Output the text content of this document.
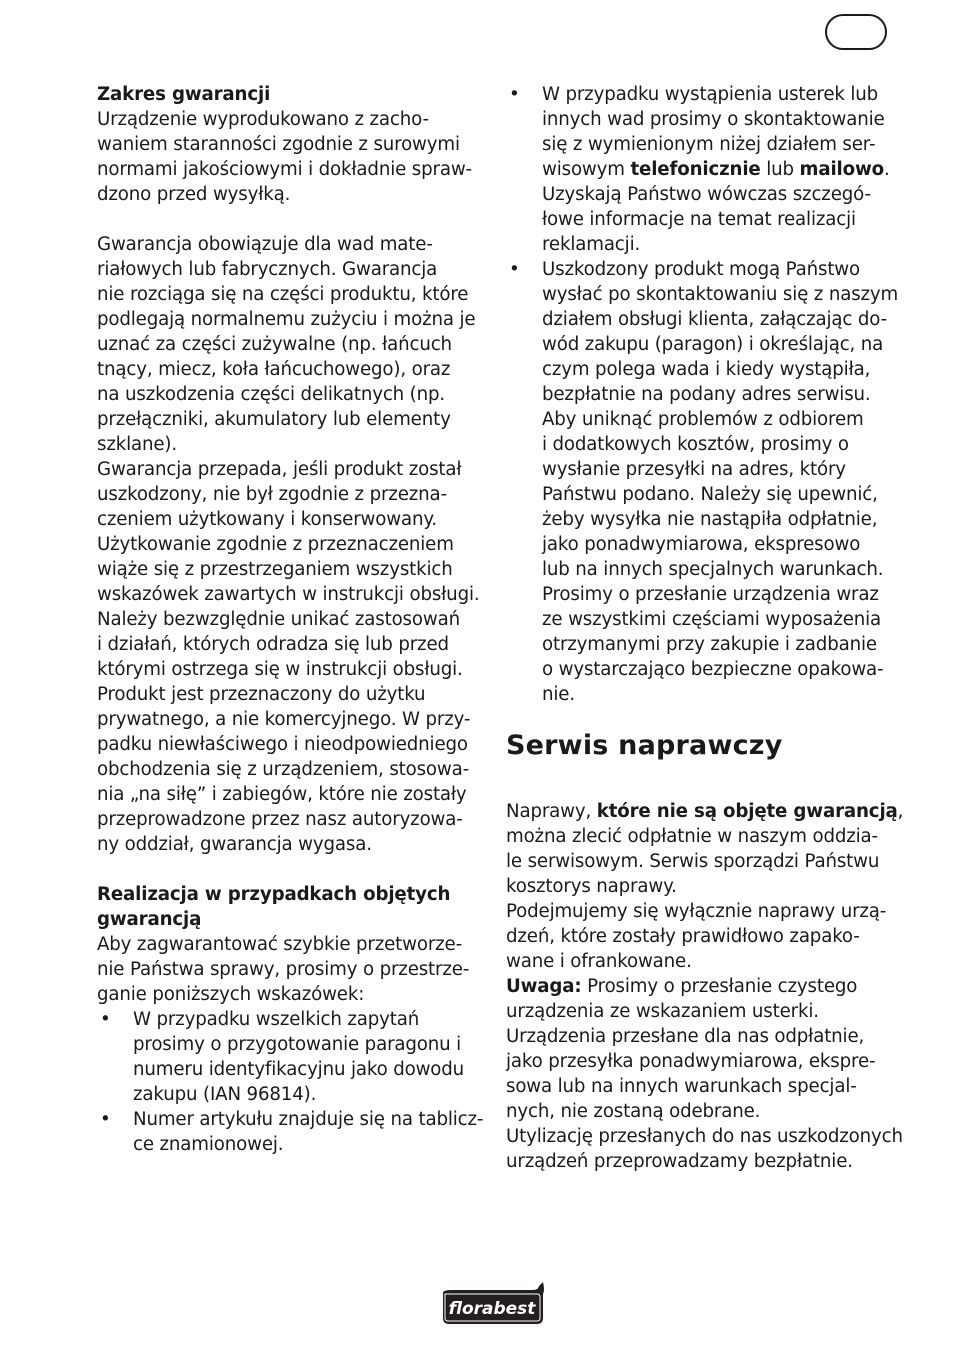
Zakres gwarancji
Urządzenie wyprodukowano z zacho-
waniem staranności zgodnie z surowymi
normami jakościowymi i dokładnie spraw-
dzono przed wysyłką.
Gwarancja obowiązuje dla wad mate-
riałowych lub fabrycznych. Gwarancja
nie rozciąga się na części produktu, które
podlegają normalnemu zużyciu i można je
uznać za części zużywalne (np. łańcuch
tnący, miecz, koła łańcuchowego), oraz
na uszkodzenia części delikatnych (np.
przełączniki, akumulatory lub elementy
szklane).
Gwarancja przepada, jeśli produkt został
uszkodzony, nie był zgodnie z przezna-
czeniem użytkowany i konserwowany.
Użytkowanie zgodnie z przeznaczeniem
wiąże się z przestrzeganiem wszystkich
wskazówek zawartych w instrukcji obsługi.
Należy bezwzględnie unikać zastosowań
i działań, których odradza się lub przed
którymi ostrzega się w instrukcji obsługi.
Produkt jest przeznaczony do użytku
prywatnego, a nie komercyjnego. W przy-
padku niewłaściwego i nieodpowiedniego
obchodzenia się z urządzeniem, stosowa-
nia „na siłę” i zabiegów, które nie zostały
przeprowadzone przez nasz autoryzowa-
ny oddział, gwarancja wygasa.
Realizacja w przypadkach objętych
gwarancją
Aby zagwarantować szybkie przetworze-
nie Państwa sprawy, prosimy o przestrze-
ganie poniższych wskazówek:
• W przypadku wszelkich zapytań
prosimy o przygotowanie paragonu i
numeru identyfikacyjnu jako dowodu
zakupu (IAN 96814).
• Numer artykułu znajduje się na tablicz-
ce znamionowej.
• W przypadku wystąpienia usterek lub
innych wad prosimy o skontaktowanie
się z wymienionym niżej działem ser-
wisowym telefonicznie lub mailowo.
Uzyskają Państwo wówczas szczegó-
łowe informacje na temat realizacji
reklamacji.
• Uszkodzony produkt mogą Państwo
wysłać po skontaktowaniu się z naszym
działem obsługi klienta, załączając do-
wód zakupu (paragon) i określając, na
czym polega wada i kiedy wystąpiła,
bezpłatnie na podany adres serwisu.
Aby uniknąć problemów z odbiorem
i dodatkowych kosztów, prosimy o
wysłanie przesyłki na adres, który
Państwu podano. Należy się upewnić,
żeby wysyłka nie nastąpiła odpłatnie,
jako ponadwymiarowa, ekspresowo
lub na innych specjalnych warunkach.
Prosimy o przesłanie urządzenia wraz
ze wszystkimi częściami wyposażenia
otrzymanymi przy zakupie i zadbanie
o wystarczająco bezpieczne opakowa-
nie.
Serwis naprawczy
Naprawy, które nie są objęte gwarancją,
można zlecić odpłatnie w naszym oddzia-
le serwisowym. Serwis sporządzi Państwu
kosztorys naprawy.
Podejmujemy się wyłącznie naprawy urzą-
dzeń, które zostały prawidłowo zapako-
wane i ofrankowane.
Uwaga: Prosimy o przesłanie czystego
urządzenia ze wskazaniem usterki.
Urządzenia przesłane dla nas odpłatnie,
jako przesyłka ponadwymiarowa, ekspre-
sowa lub na innych warunkach specjal-
nych, nie zostaną odebrane.
Utylizację przesłanych do nas uszkodzonych
urządzeń przeprowadzamy bezpłatnie.
florabest
